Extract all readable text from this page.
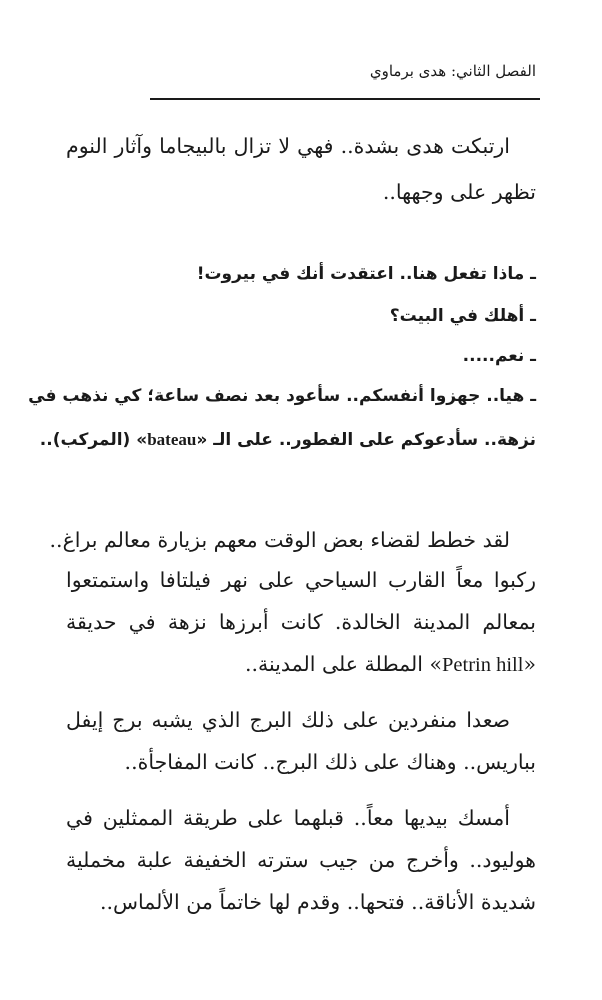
الفصل الثاني: هدى برماوي
ارتبكت هدى بشدة.. فهي لا تزال بالبيجاما وآثار النوم
تظهر على وجهها..
ـ ماذا تفعل هنا.. اعتقدت أنك في بيروت!
ـ أهلك في البيت؟
ـ نعم.....
ـ هيا.. جهزوا أنفسكم.. سأعود بعد نصف ساعة؛ كي نذهب في
نزهة.. سأدعوكم على الفطور.. على الـ «bateau» (المركب)..
لقد خطط لقضاء بعض الوقت معهم بزيارة معالم براغ..
ركبوا معاً القارب السياحي على نهر فيلتافا واستمتعوا
بمعالم المدينة الخالدة. كانت أبرزها نزهة في حديقة
«Petrin hill» المطلة على المدينة..
صعدا منفردين على ذلك البرج الذي يشبه برج إيفل
بباريس.. وهناك على ذلك البرج.. كانت المفاجأة..
أمسك بيديها معاً.. قبلهما على طريقة الممثلين في
هوليود.. وأخرج من جيب سترته الخفيفة علبة مخملية
شديدة الأناقة.. فتحها.. وقدم لها خاتماً من الألماس..
